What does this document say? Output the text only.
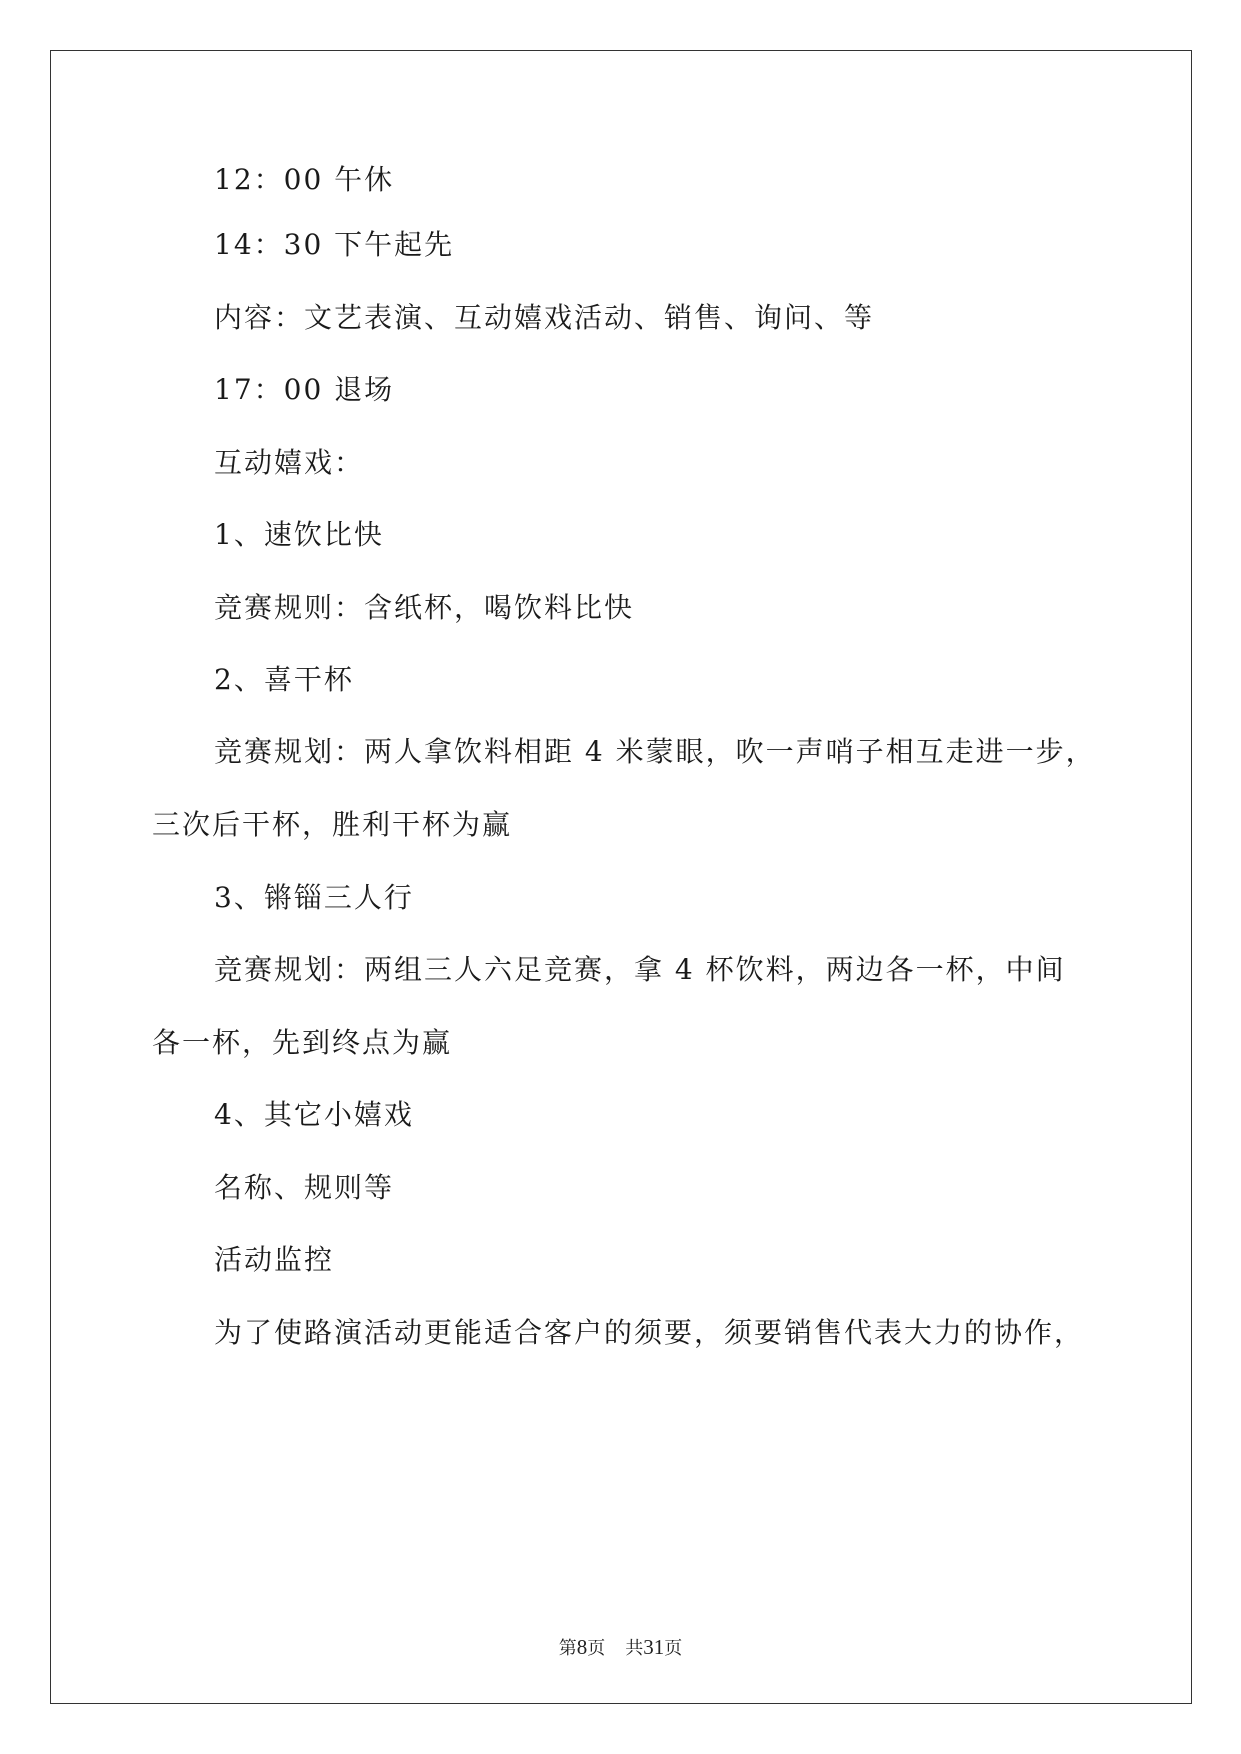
12：00 午休

14：30 下午起先

内容：文艺表演、互动嬉戏活动、销售、询问、等

17：00 退场

互动嬉戏：

1、速饮比快

竞赛规则：含纸杯，喝饮料比快

2、喜干杯

竞赛规划：两人拿饮料相距 4 米蒙眼，吹一声哨子相互走进一步，

三次后干杯，胜利干杯为赢

3、锵锱三人行

竞赛规划：两组三人六足竞赛，拿 4 杯饮料，两边各一杯，中间

各一杯，先到终点为赢

4、其它小嬉戏

名称、规则等

活动监控

为了使路演活动更能适合客户的须要，须要销售代表大力的协作，

第8页 共31页
